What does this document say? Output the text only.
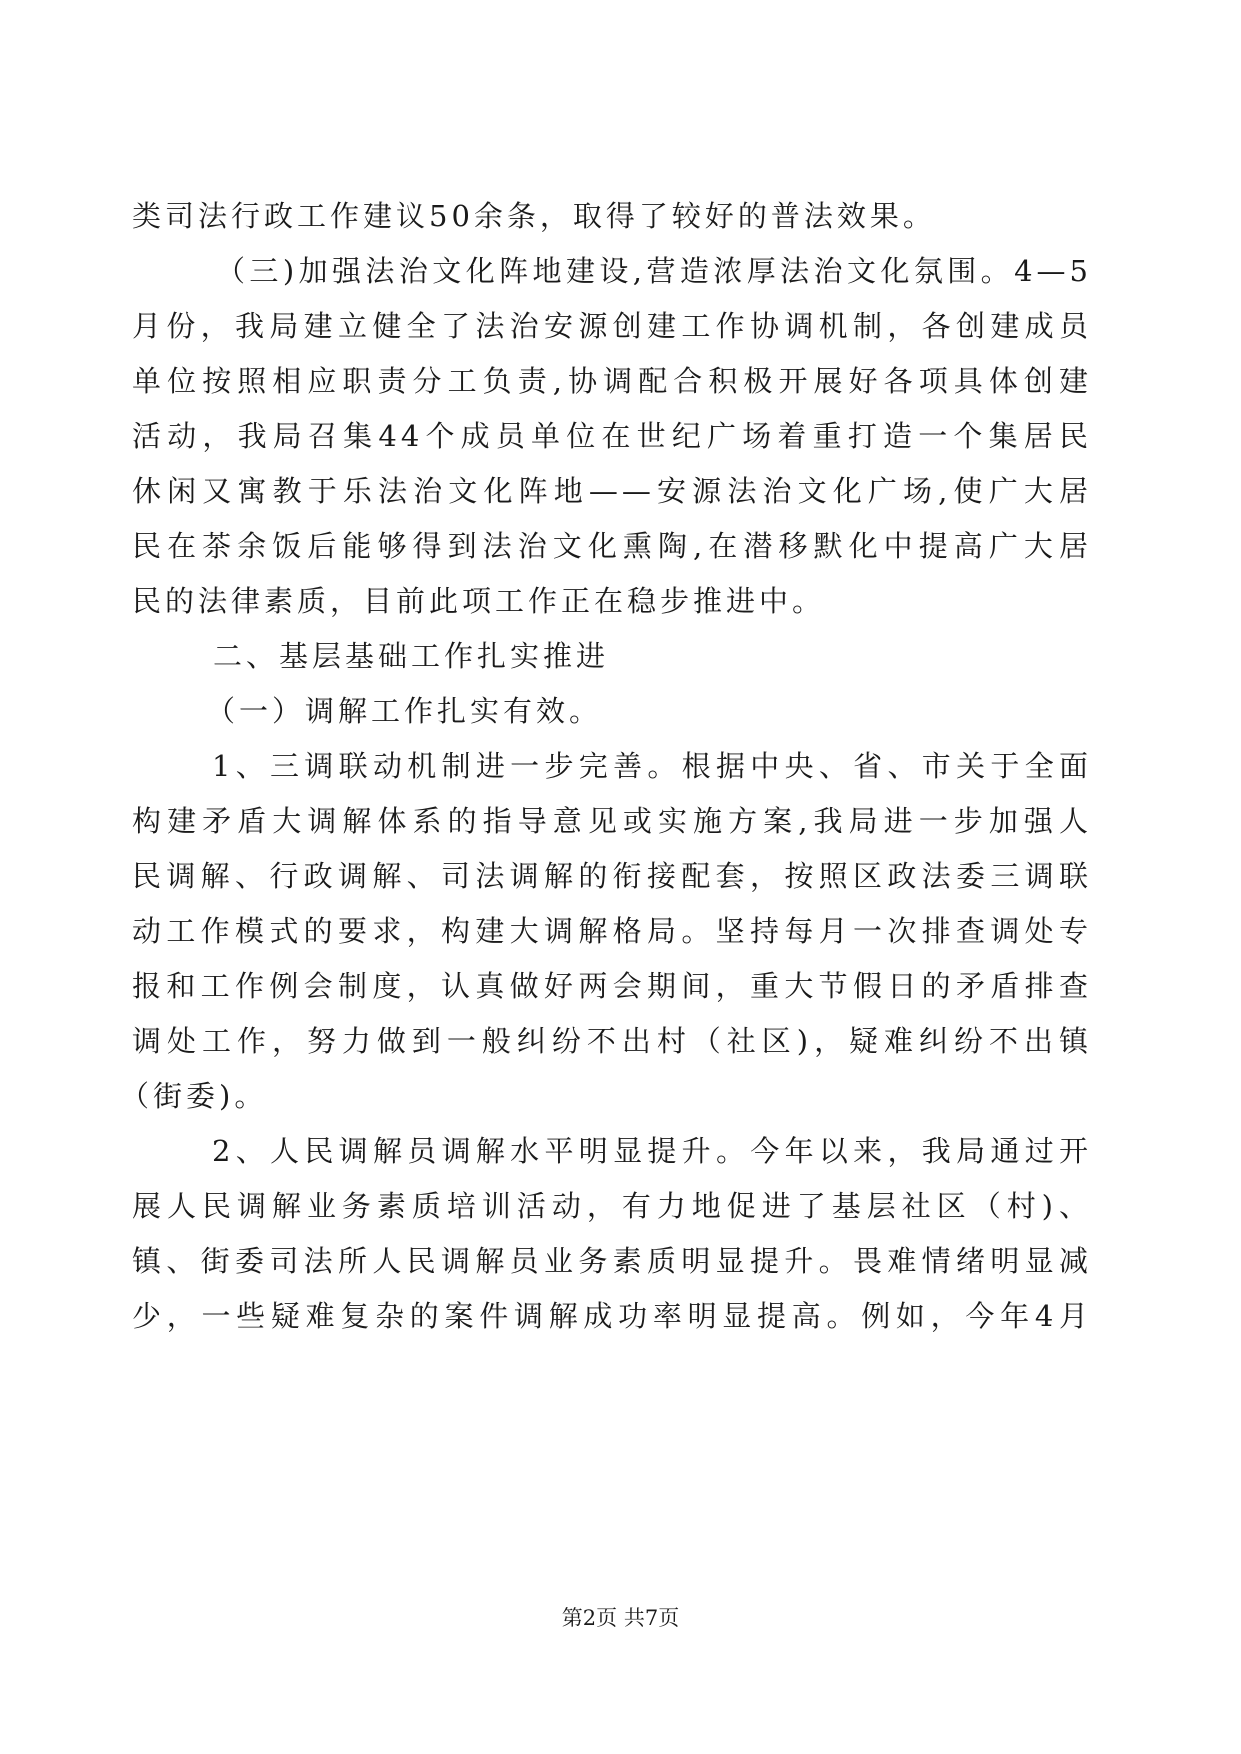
类司法行政工作建议50余条，取得了较好的普法效果。
（三)加强法治文化阵地建设,营造浓厚法治文化氛围。4—5
月份，我局建立健全了法治安源创建工作协调机制，各创建成员
单位按照相应职责分工负责,协调配合积极开展好各项具体创建
活动，我局召集44个成员单位在世纪广场着重打造一个集居民
休闲又寓教于乐法治文化阵地——安源法治文化广场,使广大居
民在茶余饭后能够得到法治文化熏陶,在潜移默化中提高广大居
民的法律素质，目前此项工作正在稳步推进中。
二、基层基础工作扎实推进
（一）调解工作扎实有效。
1、三调联动机制进一步完善。根据中央、省、市关于全面
构建矛盾大调解体系的指导意见或实施方案,我局进一步加强人
民调解、行政调解、司法调解的衔接配套，按照区政法委三调联
动工作模式的要求，构建大调解格局。坚持每月一次排查调处专
报和工作例会制度，认真做好两会期间，重大节假日的矛盾排查
调处工作，努力做到一般纠纷不出村（社区)，疑难纠纷不出镇
（街委)。
2、人民调解员调解水平明显提升。今年以来，我局通过开
展人民调解业务素质培训活动，有力地促进了基层社区（村)、
镇、街委司法所人民调解员业务素质明显提升。畏难情绪明显减
少，一些疑难复杂的案件调解成功率明显提高。例如，今年4月
第2页 共7页
